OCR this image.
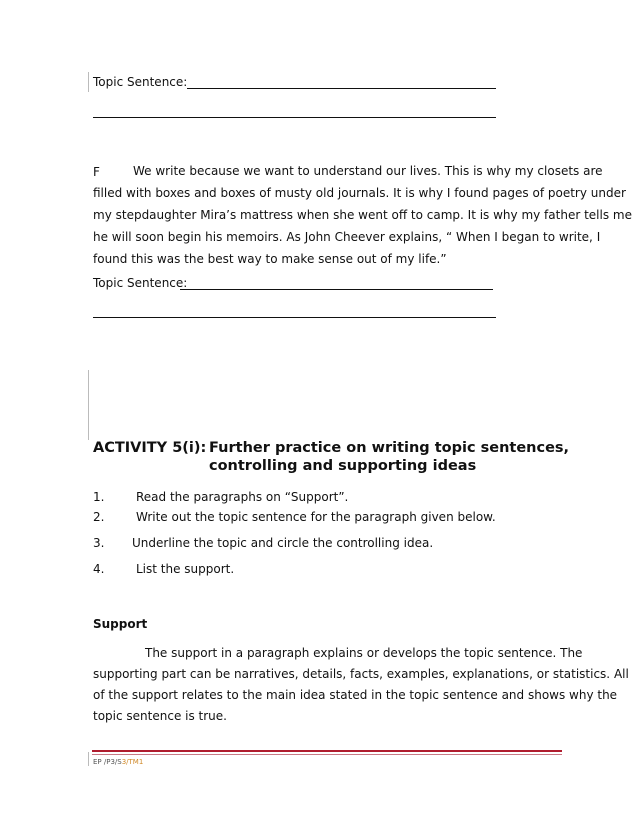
Topic Sentence:
F	We write because we want to understand our lives. This is why my closets are
filled with boxes and boxes of musty old journals. It is why I found pages of poetry under
my stepdaughter Mira’s mattress when she went off to camp. It is why my father tells me
he will soon begin his memoirs. As John Cheever explains, “ When I began to write, I
found this was the best way to make sense out of my life.”
Topic Sentence:
ACTIVITY 5(i): Further practice on writing topic sentences,
controlling and supporting ideas
1.	Read the paragraphs on “Support”.
2.	Write out the topic sentence for the paragraph given below.
3. Underline the topic and circle the controlling idea.
4.	List the support.
Support
The support in a paragraph explains or develops the topic sentence. The
supporting part can be narratives, details, facts, examples, explanations, or statistics. All
of the support relates to the main idea stated in the topic sentence and shows why the
topic sentence is true.
EP /P3/S3/TM1
